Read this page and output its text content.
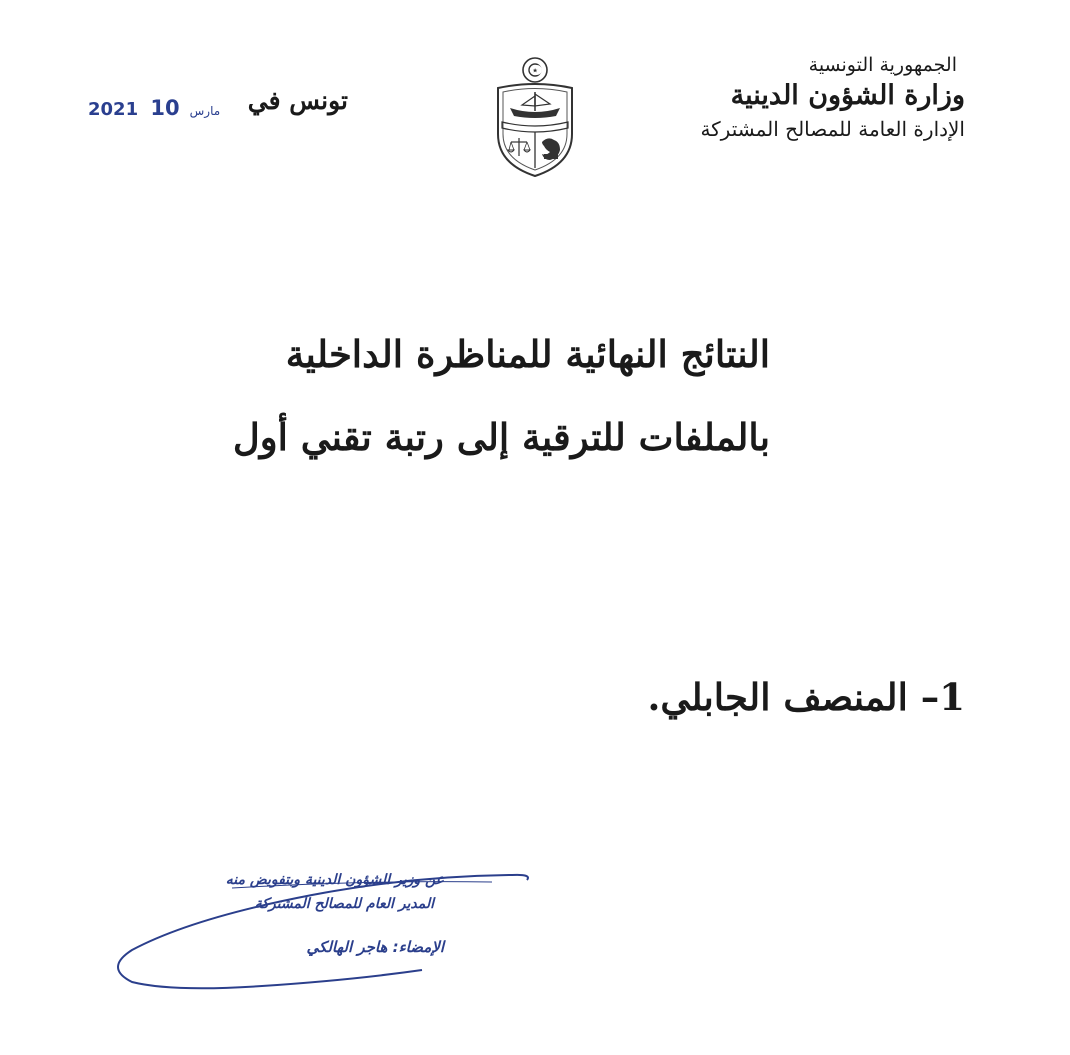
الجمهورية التونسية

وزارة الشؤون الدينية

الإدارة العامة للمصالح المشتركة

تونس في
2021	مارس10
النتائج النهائية للمناظرة الداخلية
بالملفات للترقية إلى رتبة تقني أول
1– المنصف الجابلي.
عن وزير الشؤون الدينية وبتفويض منه
المدير العام للمصالح المشتركة
الإمضاء: هاجر الهالكي
